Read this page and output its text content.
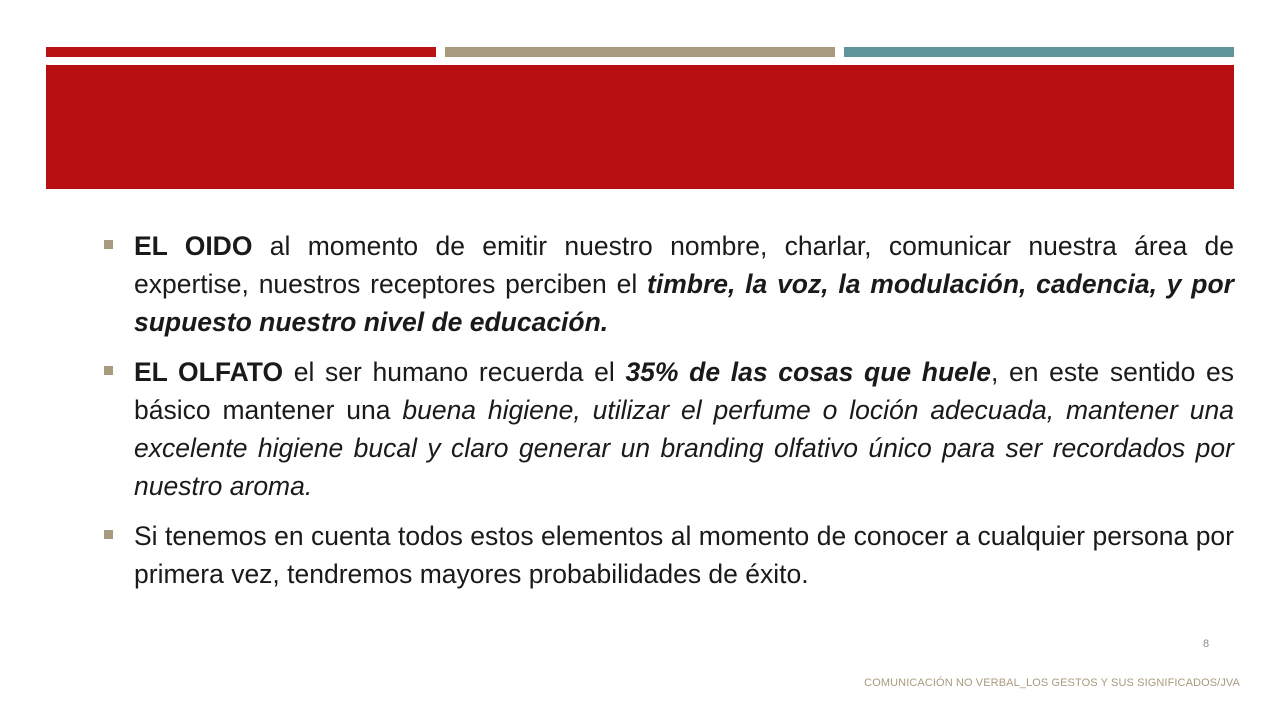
EL OIDO al momento de emitir nuestro nombre, charlar, comunicar nuestra área de expertise, nuestros receptores perciben el timbre, la voz, la modulación, cadencia, y por supuesto nuestro nivel de educación.

EL OLFATO el ser humano recuerda el 35% de las cosas que huele, en este sentido es básico mantener una buena higiene, utilizar el perfume o loción adecuada, mantener una excelente higiene bucal y claro generar un branding olfativo único para ser recordados por nuestro aroma.

Si tenemos en cuenta todos estos elementos al momento de conocer a cualquier persona por primera vez, tendremos mayores probabilidades de éxito.

8
COMUNICACIÓN NO VERBAL_LOS GESTOS Y SUS SIGNIFICADOS/JVA
